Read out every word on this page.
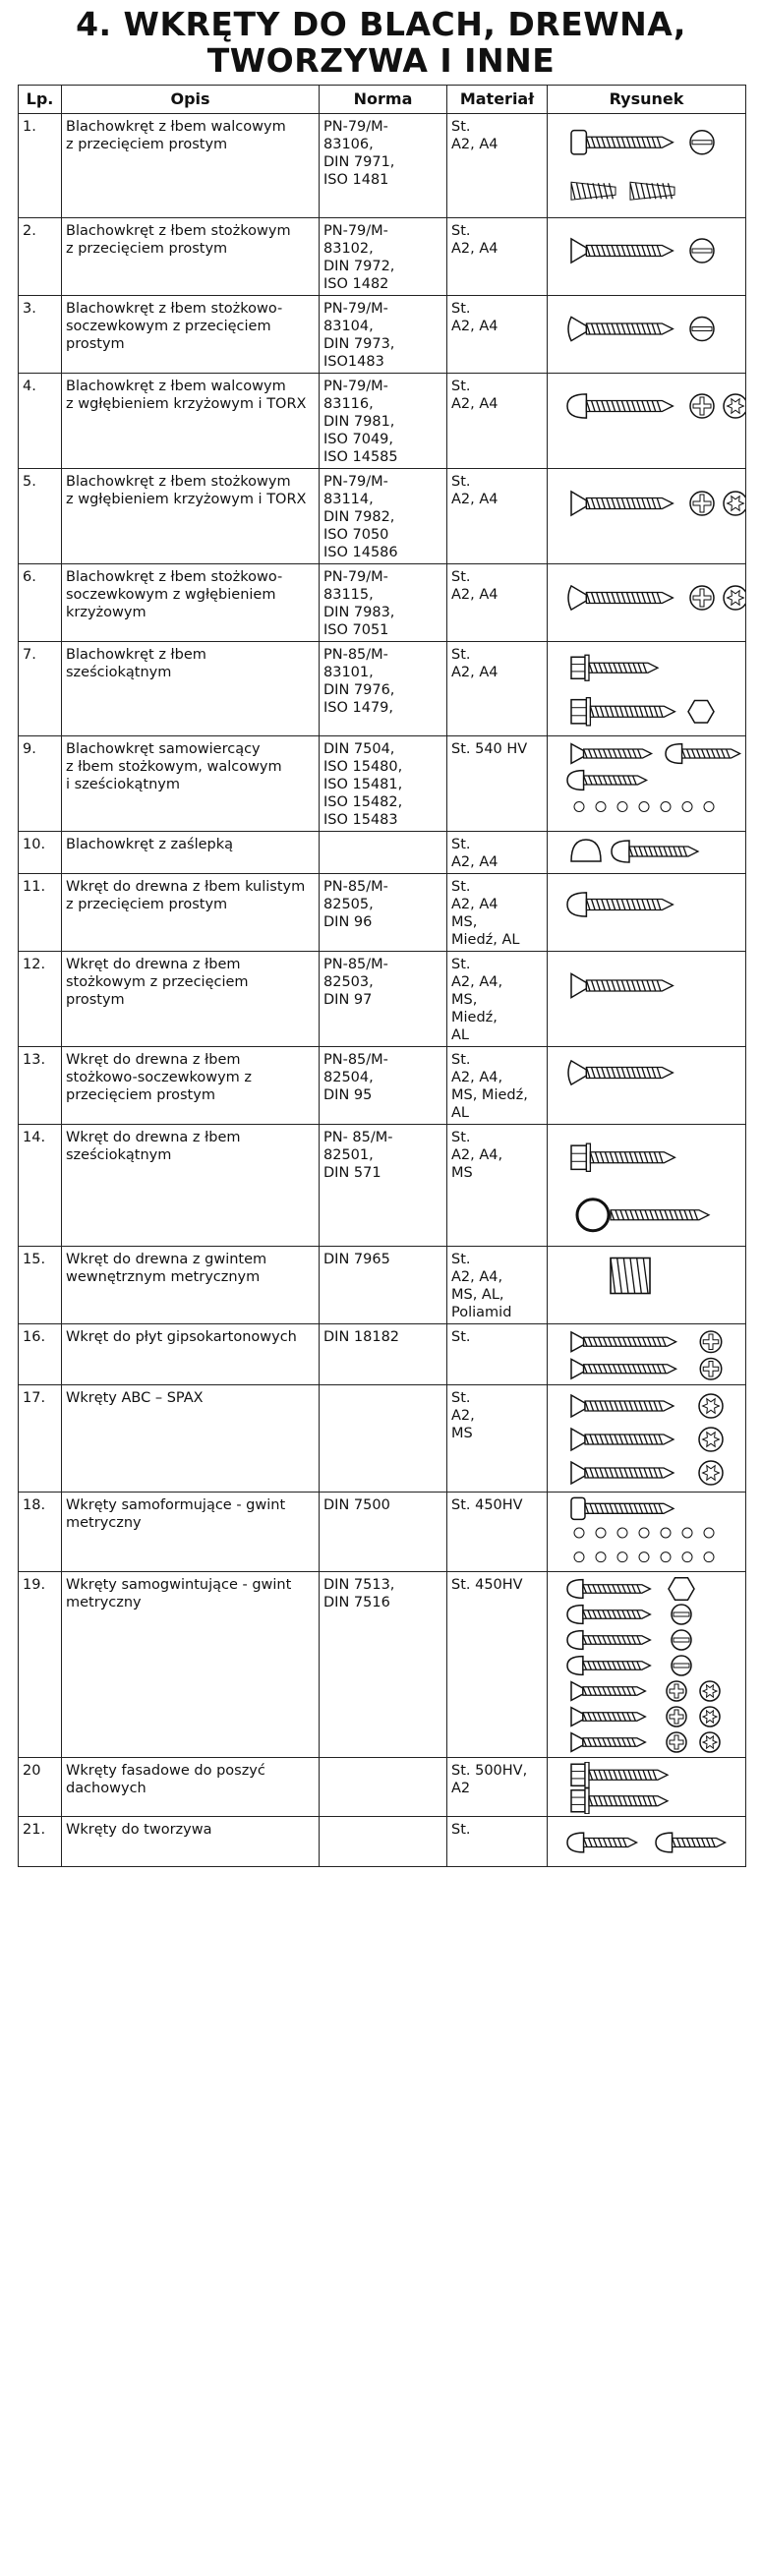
4. WKRĘTY DO BLACH, DREWNA,
TWORZYWA I INNE
Lp.	Opis	Norma	Materiał	Rysunek
1.	Blachowkręt z łbem walcowym
z przecięciem prostym	PN-79/M-
83106,
DIN 7971,
ISO 1481	St.
A2, A4	

2.	Blachowkręt z łbem stożkowym
z przecięciem prostym	PN-79/M-
83102,
DIN 7972,
ISO 1482	St.
A2, A4	

3.	Blachowkręt z łbem stożkowo-
soczewkowym z przecięciem
prostym	PN-79/M-
83104,
DIN 7973,
ISO1483	St.
A2, A4	

4.	Blachowkręt z łbem walcowym
z wgłębieniem krzyżowym i TORX	PN-79/M-
83116,
DIN 7981,
ISO 7049,
ISO 14585	St.
A2, A4	

5.	Blachowkręt z łbem stożkowym
z wgłębieniem krzyżowym i TORX	PN-79/M-
83114,
DIN 7982,
ISO 7050
ISO 14586	St.
A2, A4	

6.	Blachowkręt z łbem stożkowo-
soczewkowym z wgłębieniem
krzyżowym	PN-79/M-
83115,
DIN 7983,
ISO 7051	St.
A2, A4	

7.	Blachowkręt z łbem
sześciokątnym	PN-85/M-
83101,
DIN 7976,
ISO 1479,	St.
A2, A4	

9.	Blachowkręt samowiercący
z łbem stożkowym, walcowym
i sześciokątnym	DIN 7504,
ISO 15480,
ISO 15481,
ISO 15482,
ISO 15483	St. 540 HV	

10.	Blachowkręt z zaślepką		St.
A2, A4	

11.	Wkręt do drewna z łbem kulistym
z przecięciem prostym	PN-85/M-
82505,
DIN 96	St.
A2, A4
MS,
Miedź, AL	

12.	Wkręt do drewna z łbem
stożkowym z przecięciem
prostym	PN-85/M-
82503,
DIN 97	St.
A2, A4,
MS,
Miedź,
AL	

13.	Wkręt do drewna z łbem
stożkowo-soczewkowym z
przecięciem prostym	PN-85/M-
82504,
DIN 95	St.
A2, A4,
MS, Miedź,
AL	

14.	Wkręt do drewna z łbem
sześciokątnym	PN- 85/M-
82501,
DIN 571	St.
A2, A4,
MS	

15.	Wkręt do drewna z gwintem
wewnętrznym metrycznym	DIN 7965	St.
A2, A4,
MS, AL,
Poliamid	

16.	Wkręt do płyt gipsokartonowych	DIN 18182	St.	

17.	Wkręty ABC – SPAX		St.
A2,
MS	

18.	Wkręty samoformujące - gwint
metryczny	DIN 7500	St. 450HV	

19.	Wkręty samogwintujące - gwint
metryczny	DIN 7513,
DIN 7516	St. 450HV	

20	Wkręty fasadowe do poszyć
dachowych		St. 500HV,
A2	

21.	Wkręty do tworzywa		St.	
